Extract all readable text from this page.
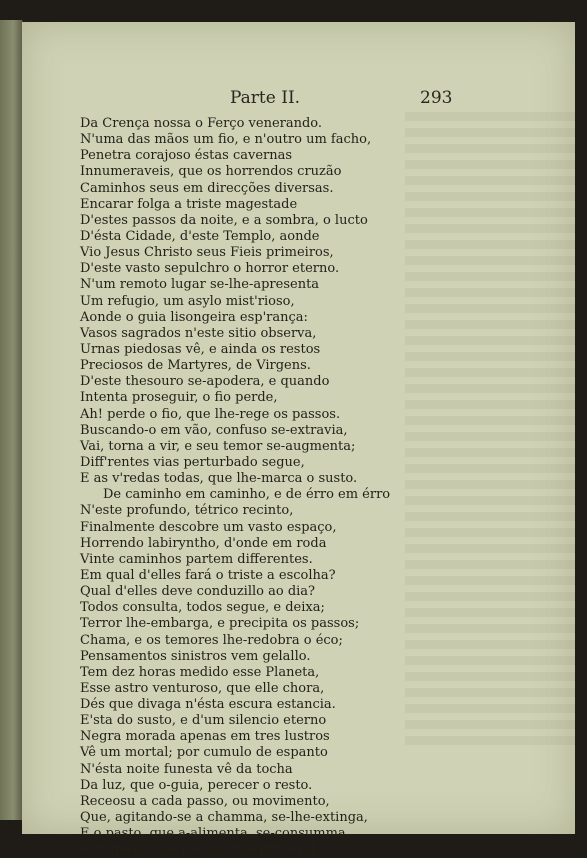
Parte II.	293
Da Crença nossa o Ferço venerando.
N'uma das mãos um fio, e n'outro um facho,
Penetra corajoso éstas cavernas
Innumeraveis, que os horrendos cruzão
Caminhos seus em direcções diversas.
Encarar folga a triste magestade
D'estes passos da noite, e a sombra, o lucto
D'ésta Cidade, d'este Templo, aonde
Vio Jesus Christo seus Fieis primeiros,
D'este vasto sepulchro o horror eterno.
N'um remoto lugar se-lhe-apresenta
Um refugio, um asylo mist'rioso,
Aonde o guia lisongeira esp'rança:
Vasos sagrados n'este sitio observa,
Urnas piedosas vê, e ainda os restos
Preciosos de Martyres, de Virgens.
D'este thesouro se-apodera, e quando
Intenta proseguir, o fio perde,
Ah! perde o fio, que lhe-rege os passos.
Buscando-o em vão, confuso se-extravia,
Vai, torna a vir, e seu temor se-augmenta;
Diff'rentes vias perturbado segue,
E as v'redas todas, que lhe-marca o susto.
De caminho em caminho, e de érro em érro
N'este profundo, tétrico recinto,
Finalmente descobre um vasto espaço,
Horrendo labiryntho, d'onde em roda
Vinte caminhos partem differentes.
Em qual d'elles fará o triste a escolha?
Qual d'elles deve conduzillo ao dia?
Todos consulta, todos segue, e deixa;
Terror lhe-embarga, e precipita os passos;
Chama, e os temores lhe-redobra o éco;
Pensamentos sinistros vem gelallo.
Tem dez horas medido esse Planeta,
Esse astro venturoso, que elle chora,
Dés que divaga n'ésta escura estancia.
E'sta do susto, e d'um silencio eterno
Negra morada apenas em tres lustros
Vê um mortal; por cumulo de espanto
N'ésta noite funesta vê da tocha
Da luz, que o-guia, perecer o resto.
Receosu a cada passo, ou movimento,
Que, agitando-se a chamma, se-lhe-extinga,
E o pasto, que a-alimenta, se-consumma,
Algumas vezes pára, e fica immovel.
